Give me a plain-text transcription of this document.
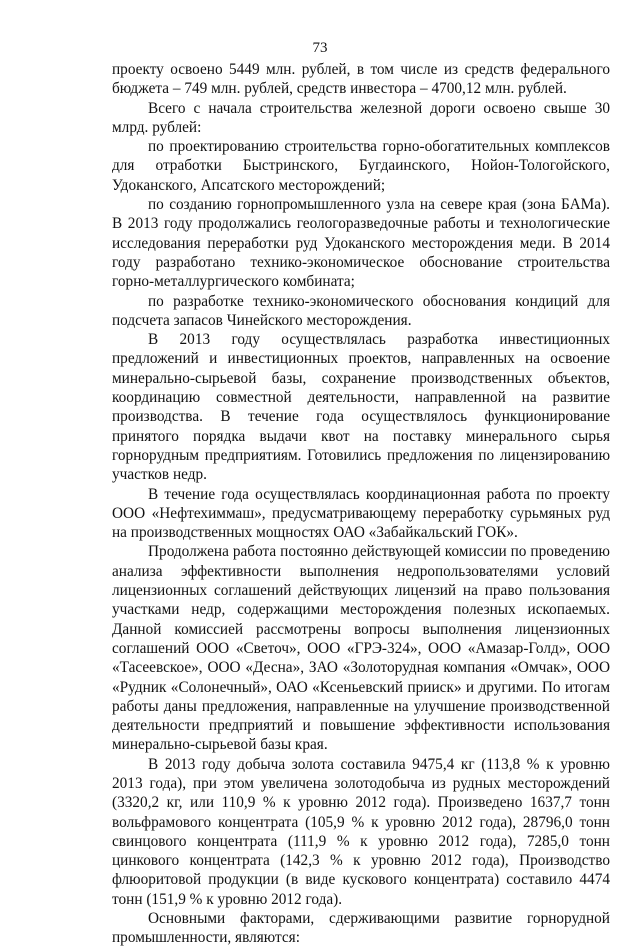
73

проекту освоено 5449 млн. рублей, в том числе из средств федерального бюджета – 749 млн. рублей, средств инвестора – 4700,12 млн. рублей.

Всего с начала строительства железной дороги освоено свыше 30 млрд. рублей:

по проектированию строительства горно-обогатительных комплексов для отработки Быстринского, Бугдаинского, Нойон-Тологойского, Удоканского, Апсатского месторождений;

по созданию горнопромышленного узла на севере края (зона БАМа). В 2013 году продолжались геологоразведочные работы и технологические исследования переработки руд Удоканского месторождения меди. В 2014 году разработано технико-экономическое обоснование строительства горно-металлургического комбината;

по разработке технико-экономического обоснования кондиций для подсчета запасов Чинейского месторождения.

В 2013 году осуществлялась разработка инвестиционных предложений и инвестиционных проектов, направленных на освоение минерально-сырьевой базы, сохранение производственных объектов, координацию совместной деятельности, направленной на развитие производства. В течение года осуществлялось функционирование принятого порядка выдачи квот на поставку минерального сырья горнорудным предприятиям. Готовились предложения по лицензированию участков недр.

В течение года осуществлялась координационная работа по проекту ООО «Нефтехиммаш», предусматривающему переработку сурьмяных руд на производственных мощностях ОАО «Забайкальский ГОК».

Продолжена работа постоянно действующей комиссии по проведению анализа эффективности выполнения недропользователями условий лицензионных соглашений действующих лицензий на право пользования участками недр, содержащими месторождения полезных ископаемых. Данной комиссией рассмотрены вопросы выполнения лицензионных соглашений ООО «Светоч», ООО «ГРЭ-324», ООО «Амазар-Голд», ООО «Тасеевское», ООО «Десна», ЗАО «Золоторудная компания «Омчак», ООО «Рудник «Солонечный», ОАО «Ксеньевский прииск» и другими. По итогам работы даны предложения, направленные на улучшение производственной деятельности предприятий и повышение эффективности использования минерально-сырьевой базы края.

В 2013 году добыча золота составила 9475,4 кг (113,8 % к уровню 2013 года), при этом увеличена золотодобыча из рудных месторождений (3320,2 кг, или 110,9 % к уровню 2012 года). Произведено 1637,7 тонн вольфрамового концентрата (105,9 % к уровню 2012 года), 28796,0 тонн свинцового концентрата (111,9 % к уровню 2012 года), 7285,0 тонн цинкового концентрата (142,3 % к уровню 2012 года), Производство флюоритовой продукции (в виде кускового концентрата) составило 4474 тонн (151,9 % к уровню 2012 года).

Основными факторами, сдерживающими развитие горнорудной промышленности, являются:
